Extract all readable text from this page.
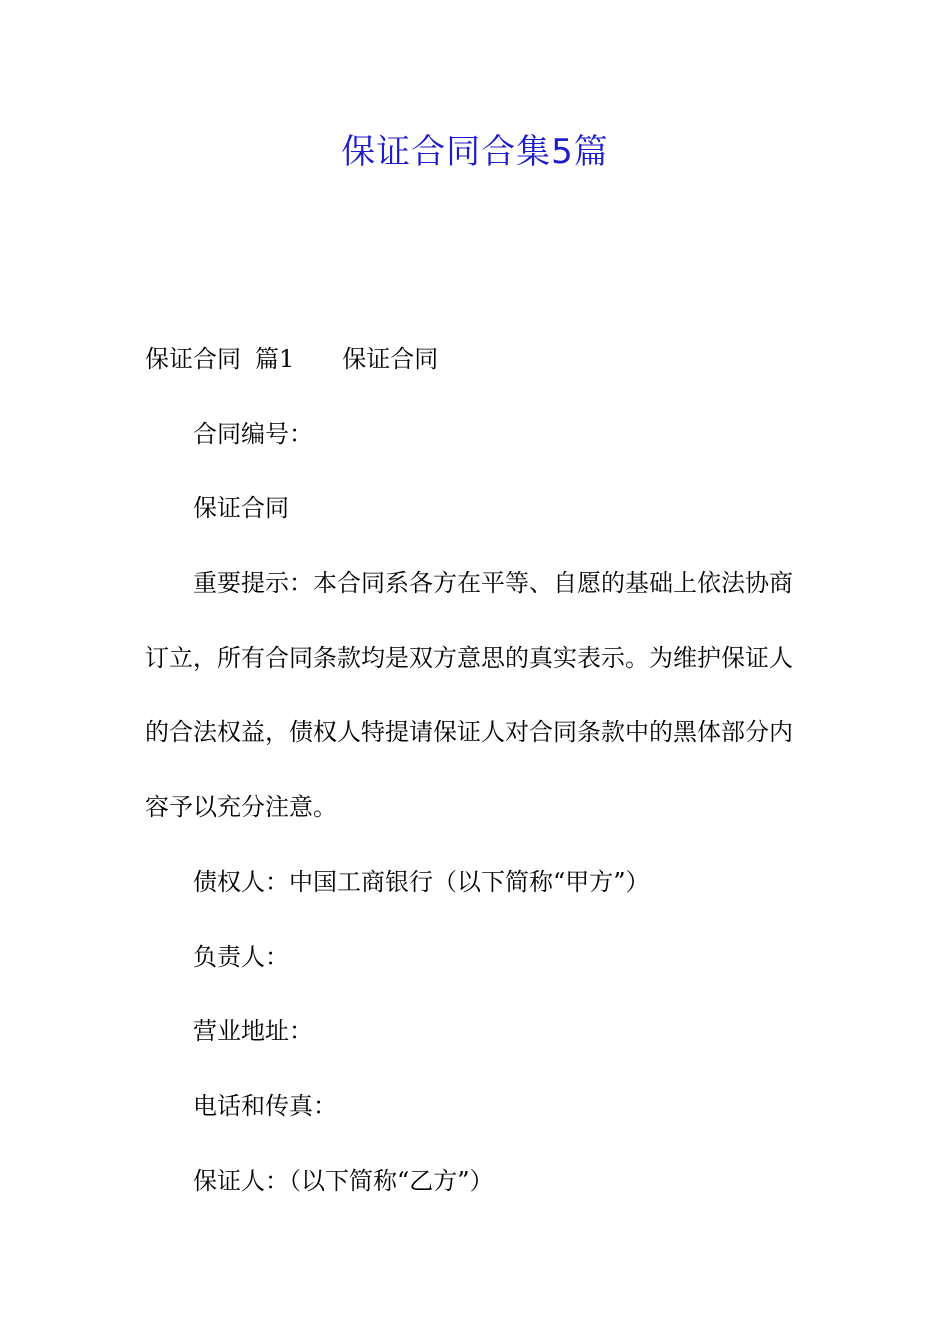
保证合同合集5篇
保证合同 篇1 保证合同
合同编号：
保证合同
重要提示：本合同系各方在平等、自愿的基础上依法协商
订立，所有合同条款均是双方意思的真实表示。为维护保证人
的合法权益，债权人特提请保证人对合同条款中的黑体部分内
容予以充分注意。
债权人：中国工商银行（以下简称“甲方”）
负责人：
营业地址：
电话和传真：
保证人：（以下简称“乙方”）
